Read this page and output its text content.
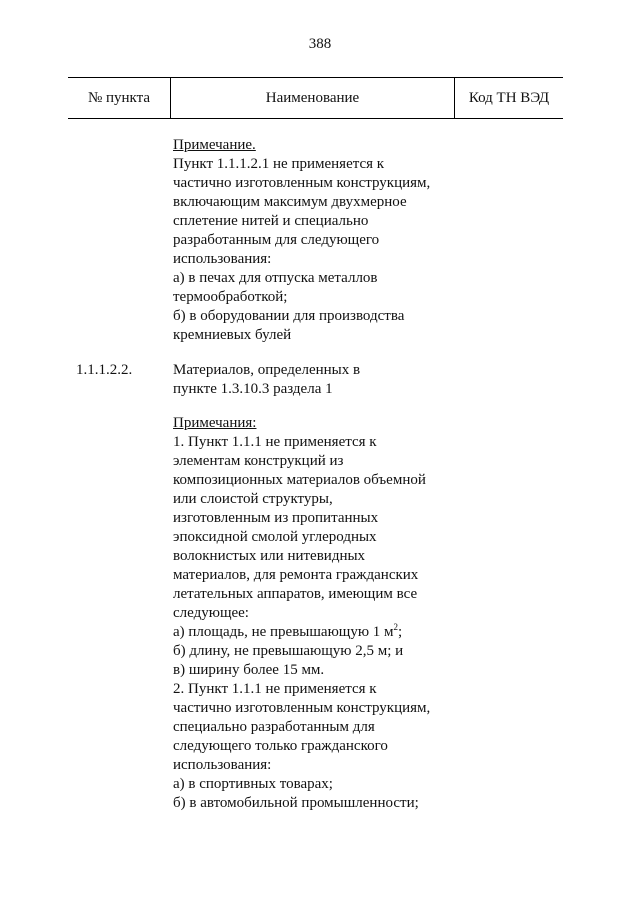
388
№ пункта	Наименование	Код ТН ВЭД
Примечание.
Пункт 1.1.1.2.1 не применяется к
частично изготовленным конструкциям,
включающим максимум двухмерное
сплетение нитей и специально
разработанным для следующего
использования:
а) в печах для отпуска металлов
термообработкой;
б) в оборудовании для производства
кремниевых булей
1.1.1.2.2.	Материалов, определенных в
пункте 1.3.10.3 раздела 1
Примечания:
1. Пункт 1.1.1 не применяется к
элементам конструкций из
композиционных материалов объемной
или слоистой структуры,
изготовленным из пропитанных
эпоксидной смолой углеродных
волокнистых или нитевидных
материалов, для ремонта гражданских
летательных аппаратов, имеющим все
следующее:
а) площадь, не превышающую 1 $м^2$;
б) длину, не превышающую 2,5 м; и
в) ширину более 15 мм.
2. Пункт 1.1.1 не применяется к
частично изготовленным конструкциям,
специально разработанным для
следующего только гражданского
использования:
а) в спортивных товарах;
б) в автомобильной промышленности;
